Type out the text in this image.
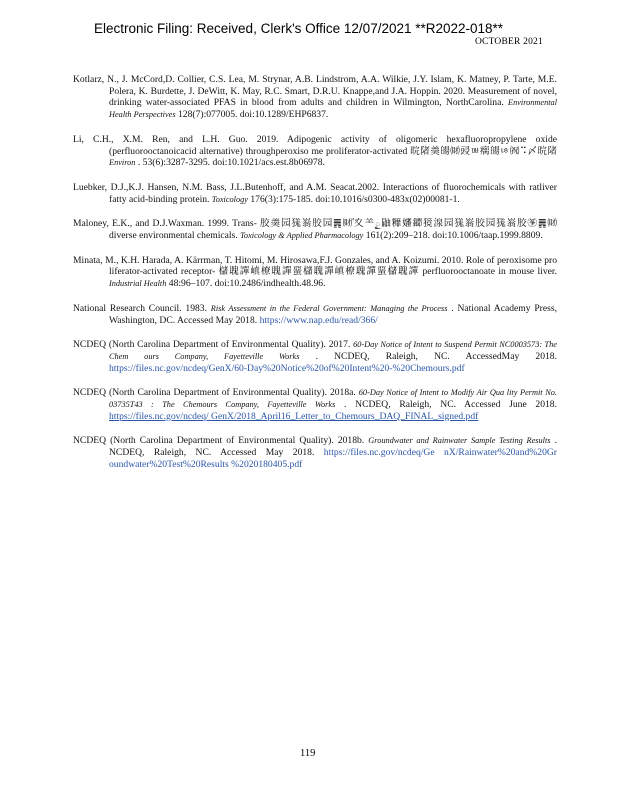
Electronic Filing: Received, Clerk's Office 12/07/2021 **R2022-018**
OCTOBER 2021
Kotlarz, N., J. McCord,D. Collier, C.S. Lea, M. Strynar, A.B. Lindstrom, A.A. Wilkie, J.Y. Islam, K. Matney, P. Tarte, M.E. Polera, K. Burdette, J. DeWitt, K. May, R.C. Smart, D.R.U. Knappe,and J.A. Hoppin. 2020. Measurement of novel, drinking water-associated PFAS in blood from adults and children in Wilmington, NorthCarolina. Environmental Health Perspectives 128(7):077005. doi:10.1289/EHP6837.
Li, C.H., X.M. Ren, and L.H. Guo. 2019. Adipogenic activity of oligomeric hexafluoropropylene oxide (perfluorooctanoicacid alternative) throughperoxiso me proliferator-activated 晥陼羮䑗㈶䜷ㅮ瘸䑗ㄶ㈷⠩〆晥陼 Environ . 53(6):3287-3295. doi:10.1021/acs.est.8b06978.
Luebker, D.J.,K.J. Hansen, N.M. Bass, J.L.Butenhoff, and A.M. Seacat.2002. Interactions of fluorochemicals with ratliver fatty acid-binding protein. Toxicology 176(3):175-185. doi:10.1016/s0300-483x(02)00081-1.
Maloney, E.K., and D.J.Waxman. 1999. Trans- 胶羮园獇嵡胶园䷠㈶ⷹ⼢⺷ౖ鼬䊳嬸䥮獍湶园獇嵡胶园獇嵡胶㉇䷠㈶ diverse environmental chemicals. Toxicology & Applied Pharmacology 161(2):209–218. doi:10.1006/taap.1999.8809.
Minata, M., K.H. Harada, A. Kärrman, T. Hitomi, M. Hirosawa,F.J. Gonzales, and A. Koizumi. 2010. Role of peroxisome pro liferator-activated receptor- 櫧聭譂嵮橑聭譂蝁櫧聭譂嵮橑聭譂蝁櫧聭譂 perfluorooctanoate in mouse liver. Industrial Health 48:96–107. doi:10.2486/indhealth.48.96.
National Research Council. 1983. Risk Assessment in the Federal Government: Managing the Process . National Academy Press, Washington, DC. Accessed May 2018. https://www.nap.edu/read/366/
NCDEQ (North Carolina Department of Environmental Quality). 2017. 60-Day Notice of Intent to Suspend Permit NC0003573: The Chem ours Company, Fayetteville Works . NCDEQ, Raleigh, NC. AccessedMay 2018. https://files.nc.gov/ncdeq/GenX/60-Day%20Notice%20of%20Intent%20-%20Chemours.pdf
NCDEQ (North Carolina Department of Environmental Quality). 2018a. 60-Day Notice of Intent to Modify Air Qua lity Permit No. 03735T43 : The Chemours Company, Fayetteville Works . NCDEQ, Raleigh, NC. Accessed June 2018. https://files.nc.gov/ncdeq/ GenX/2018_April16_Letter_to_Chemours_DAQ_FINAL_signed.pdf
NCDEQ (North Carolina Department of Environmental Quality). 2018b. Groundwater and Rainwater Sample Testing Results . NCDEQ, Raleigh, NC. Accessed May 2018. https://files.nc.gov/ncdeq/Ge nX/Rainwater%20and%20Gr oundwater%20Test%20Results %2020180405.pdf
119
